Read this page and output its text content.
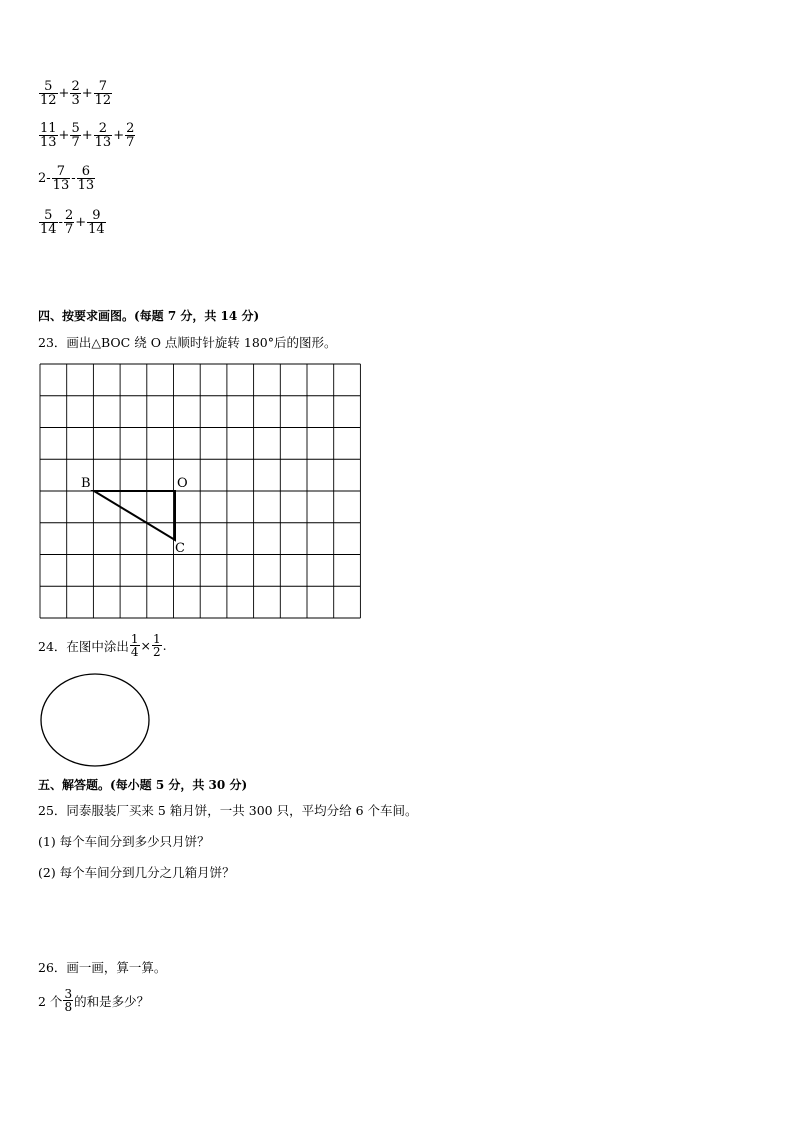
$\frac{5}{12} + \frac{2}{3} + \frac{7}{12}$
$\frac{11}{13} + \frac{5}{7} + \frac{2}{13} + \frac{2}{7}$
$2- \frac{7}{13} - \frac{6}{13}$
$\frac{5}{14} - \frac{2}{7} + \frac{9}{14}$
四、按要求画图。(每题 7 分，共 14 分)
23．画出△BOC 绕 O 点顺时针旋转 180°后的图形。
B	O
C
24．在图中涂出 $\frac{1}{4} \times \frac{1}{2}$ .
五、解答题。(每小题 5 分，共 30 分)
25．同泰服装厂买来 5 箱月饼，一共 300 只，平均分给 6 个车间。
(1) 每个车间分到多少只月饼？
(2) 每个车间分到几分之几箱月饼？
26．画一画，算一算。
2 个 $\frac{3}{8}$ 的和是多少？
